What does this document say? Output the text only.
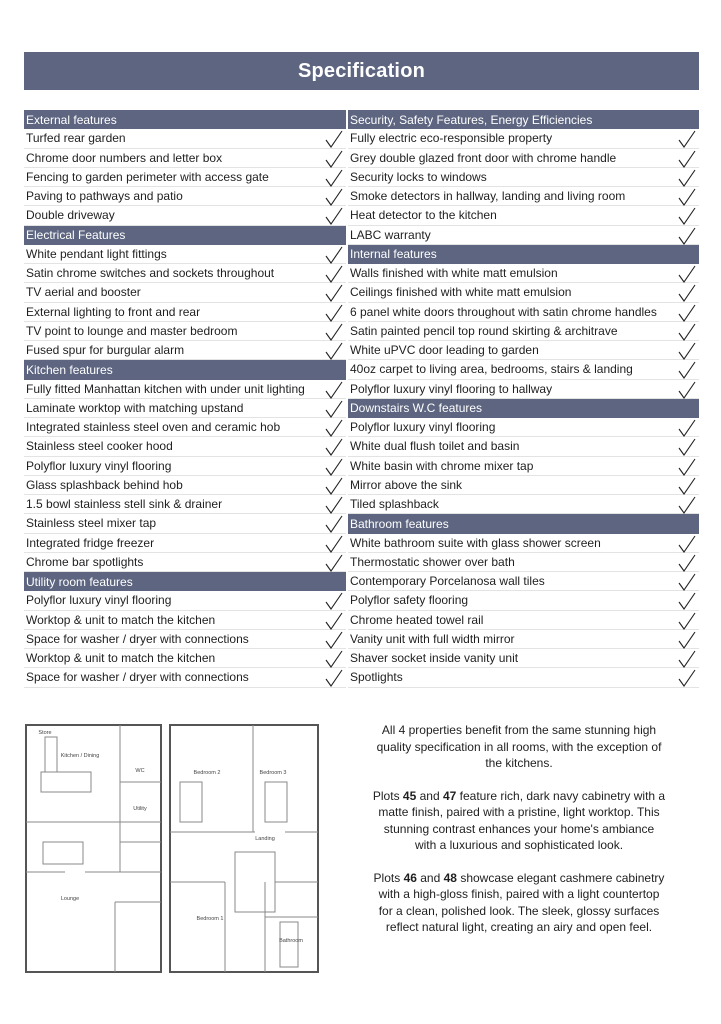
Specification
External features
Turfed rear garden
Chrome door numbers and letter box
Fencing to garden perimeter with access gate
Paving to pathways and patio
Double driveway
Electrical Features
White pendant light fittings
Satin chrome switches and sockets throughout
TV aerial and booster
External lighting to front and rear
TV point to lounge and master bedroom
Fused spur for burgular alarm
Kitchen features
Fully fitted Manhattan kitchen with under unit lighting
Laminate worktop with matching upstand
Integrated stainless steel oven and ceramic hob
Stainless steel cooker hood
Polyflor luxury vinyl flooring
Glass splashback behind hob
1.5 bowl stainless stell sink & drainer
Stainless steel mixer tap
Integrated fridge freezer
Chrome bar spotlights
Utility room features
Polyflor luxury vinyl flooring
Worktop & unit to match the kitchen
Space for washer / dryer with connections
Worktop & unit to match the kitchen
Space for washer / dryer with connections
Security, Safety Features, Energy Efficiencies
Fully electric eco-responsible property
Grey double glazed front door with chrome handle
Security locks to windows
Smoke detectors in hallway, landing and living room
Heat detector to the kitchen
LABC warranty
Internal features
Walls finished with white matt emulsion
Ceilings finished with white matt emulsion
6 panel white doors throughout with satin chrome handles
Satin painted pencil top round skirting & architrave
White uPVC door leading to garden
40oz carpet to living area, bedrooms, stairs & landing
Polyflor luxury vinyl flooring to hallway
Downstairs W.C features
Polyflor luxury vinyl flooring
White dual flush toilet and basin
White basin with chrome mixer tap
Mirror above the sink
Tiled splashback
Bathroom features
White bathroom suite with glass shower screen
Thermostatic shower over bath
Contemporary Porcelanosa wall tiles
Polyflor safety flooring
Chrome heated towel rail
Vanity unit with full width mirror
Shaver socket inside vanity unit
Spotlights
Kitchen / Dining
WC
Utility
Lounge
Bedroom 2	Bedroom 3
Landing
Bedroom 1
Bathroom
Store	All 4 properties benefit from the same stunning high quality specification in all rooms, with the exception of the kitchens.

Plots 45 and 47 feature rich, dark navy cabinetry with a matte finish, paired with a pristine, light worktop. This stunning contrast enhances your home's ambiance with a luxurious and sophisticated look.

Plots 46 and 48 showcase elegant cashmere cabinetry with a high-gloss finish, paired with a light countertop for a clean, polished look. The sleek, glossy surfaces reflect natural light, creating an airy and open feel.
